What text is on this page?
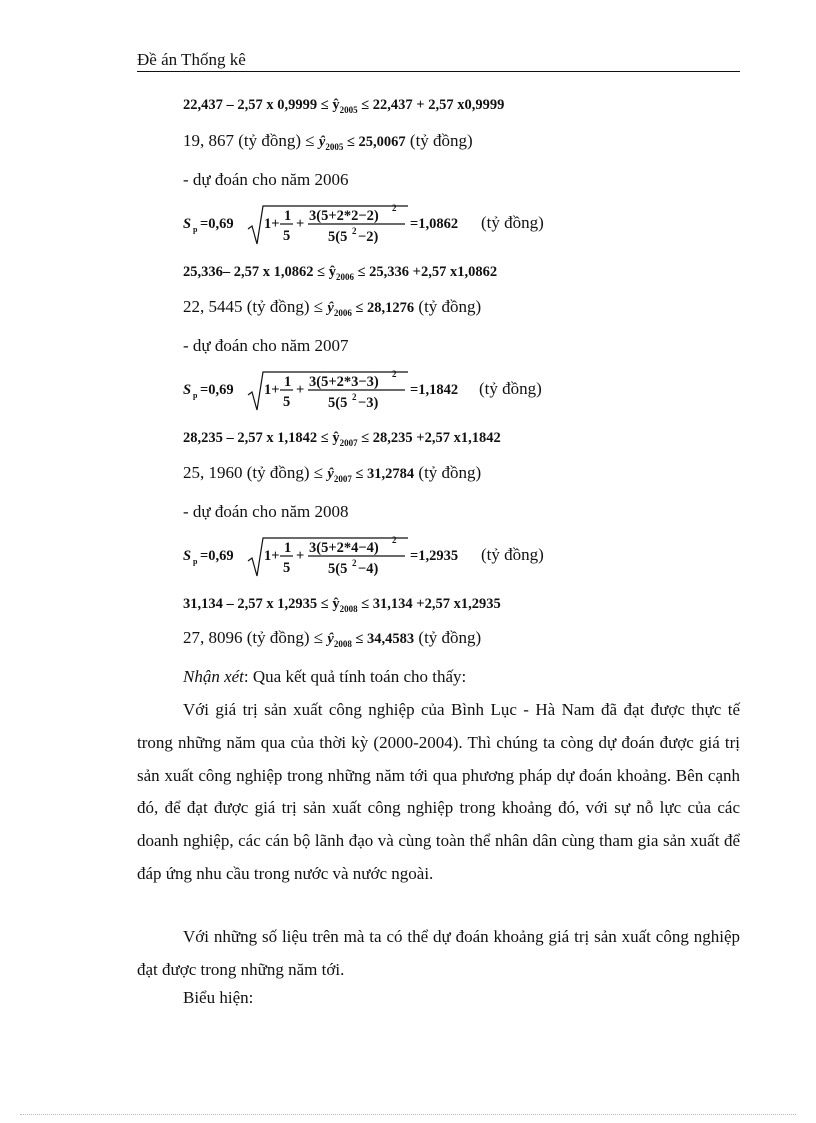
Đề án Thống kê
22,437 – 2,57 x $0,9999 \le ŷ_{2005} \le 22,437 + 2,57$ x0,9999
19, 867 (tỷ đồng) ≤ $ŷ_{2005} \le 25,0067$ (tỷ đồng)
- dự đoán cho năm 2006
S p =0,69 1+ 1
5
+ 3(5+2*2−2) 2
5(5 2 −2)
=1,0862 (tỷ đồng)
25,336– 2,57 x $1,0862 \le ŷ_{2006} \le 25,336 +2,57$ x1,0862
22, 5445 (tỷ đồng) ≤ $ŷ_{2006} \le 28,1276$ (tỷ đồng)
- dự đoán cho năm 2007
S p =0,69 1+ 1
5
+ 3(5+2*3−3) 2
5(5 2 −3)
=1,1842 (tỷ đồng)
28,235 – 2,57 x $1,1842 \le ŷ_{2007} \le 28,235 +2,57$ x1,1842
25, 1960 (tỷ đồng) ≤ $ŷ_{2007} \le 31,2784$ (tỷ đồng)
- dự đoán cho năm 2008
S p =0,69 1+ 1
5
+ 3(5+2*4−4) 2
5(5 2 −4)
=1,2935 (tỷ đồng)
31,134 – 2,57 x $1,2935 \le ŷ_{2008} \le 31,134 +2,57$ x1,2935
27, 8096 (tỷ đồng) ≤ $ŷ_{2008} \le 34,4583$ (tỷ đồng)
Nhận xét: Qua kết quả tính toán cho thấy:
Với giá trị sản xuất công nghiệp của Bình Lục - Hà Nam đã đạt được thực tế trong những năm qua của thời kỳ (2000-2004). Thì chúng ta còng dự đoán được giá trị sản xuất công nghiệp trong những năm tới qua phương pháp dự đoán khoảng. Bên cạnh đó, để đạt được giá trị sản xuất công nghiệp trong khoảng đó, với sự nỗ lực của các doanh nghiệp, các cán bộ lãnh đạo và cùng toàn thể nhân dân cùng tham gia sản xuất để đáp ứng nhu cầu trong nước và nước ngoài.
Với những số liệu trên mà ta có thể dự đoán khoảng giá trị sản xuất công nghiệp đạt được trong những năm tới.
Biểu hiện:
